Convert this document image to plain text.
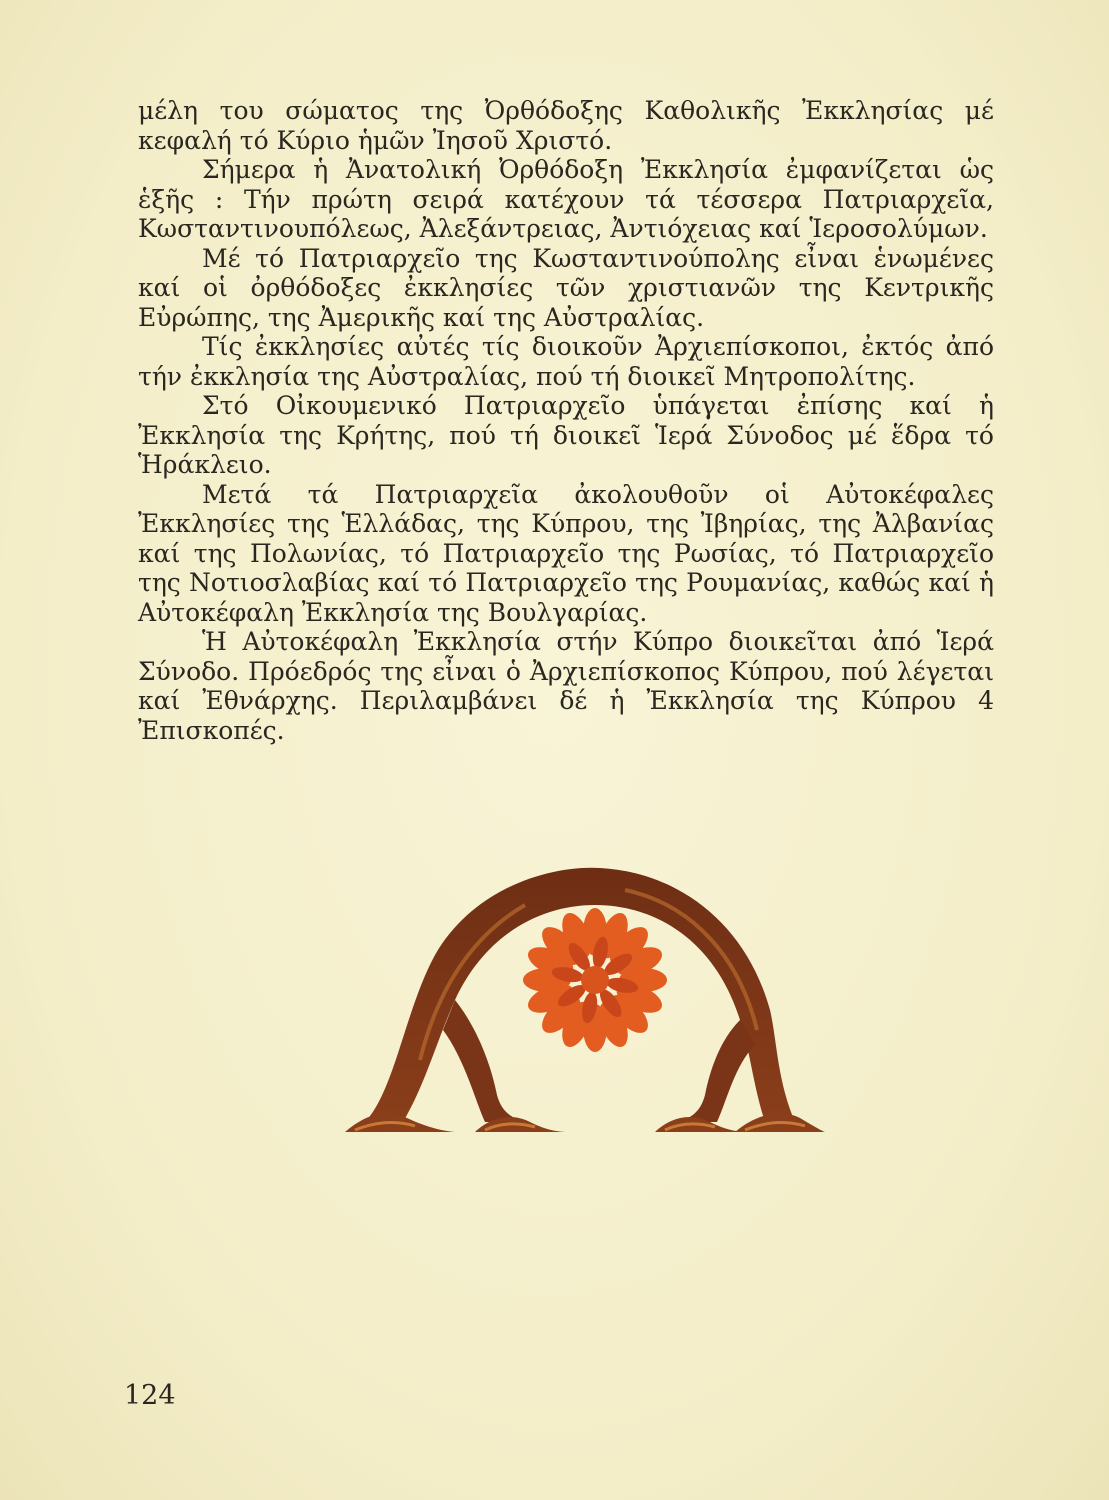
μέλη του σώματος της Ὀρθόδοξης Καθολικῆς Ἐκκλησίας μέ κεφαλή τό Κύριο ἡμῶν Ἰησοῦ Χριστό.

Σήμερα ἡ Ἀνατολική Ὀρθόδοξη Ἐκκλησία ἐμφανίζεται ὡς ἑξῆς : Τήν πρώτη σειρά κατέχουν τά τέσσερα Πατριαρχεῖα, Κωσταντινουπόλεως, Ἀλεξάντρειας, Ἀντιόχειας καί Ἱεροσολύμων.

Μέ τό Πατριαρχεῖο της Κωσταντινούπολης εἶναι ἑνωμένες καί οἱ ὀρθόδοξες ἐκκλησίες τῶν χριστιανῶν της Κεντρικῆς Εὐρώπης, της Ἀμερικῆς καί της Αὐστραλίας.

Τίς ἐκκλησίες αὐτές τίς διοικοῦν Ἀρχιεπίσκοποι, ἐκτός ἀπό τήν ἐκκλησία της Αὐστραλίας, πού τή διοικεῖ Μητροπολίτης.

Στό Οἰκουμενικό Πατριαρχεῖο ὑπάγεται ἐπίσης καί ἡ Ἐκκλησία της Κρήτης, πού τή διοικεῖ Ἱερά Σύνοδος μέ ἕδρα τό Ἡράκλειο.

Μετά τά Πατριαρχεῖα ἀκολουθοῦν οἱ Αὐτοκέφαλες Ἐκκλησίες της Ἑλλάδας, της Κύπρου, της Ἰβηρίας, της Ἀλβανίας καί της Πολωνίας, τό Πατριαρχεῖο της Ρωσίας, τό Πατριαρχεῖο της Νοτιοσλαβίας καί τό Πατριαρχεῖο της Ρουμανίας, καθώς καί ἡ Αὐτοκέφαλη Ἐκκλησία της Βουλγαρίας.

Ἡ Αὐτοκέφαλη Ἐκκλησία στήν Κύπρο διοικεῖται ἀπό Ἱερά Σύνοδο. Πρόεδρός της εἶναι ὁ Ἀρχιεπίσκοπος Κύπρου, πού λέγεται καί Ἐθνάρχης. Περιλαμβάνει δέ ἡ Ἐκκλησία της Κύπρου 4 Ἐπισκοπές.

124
